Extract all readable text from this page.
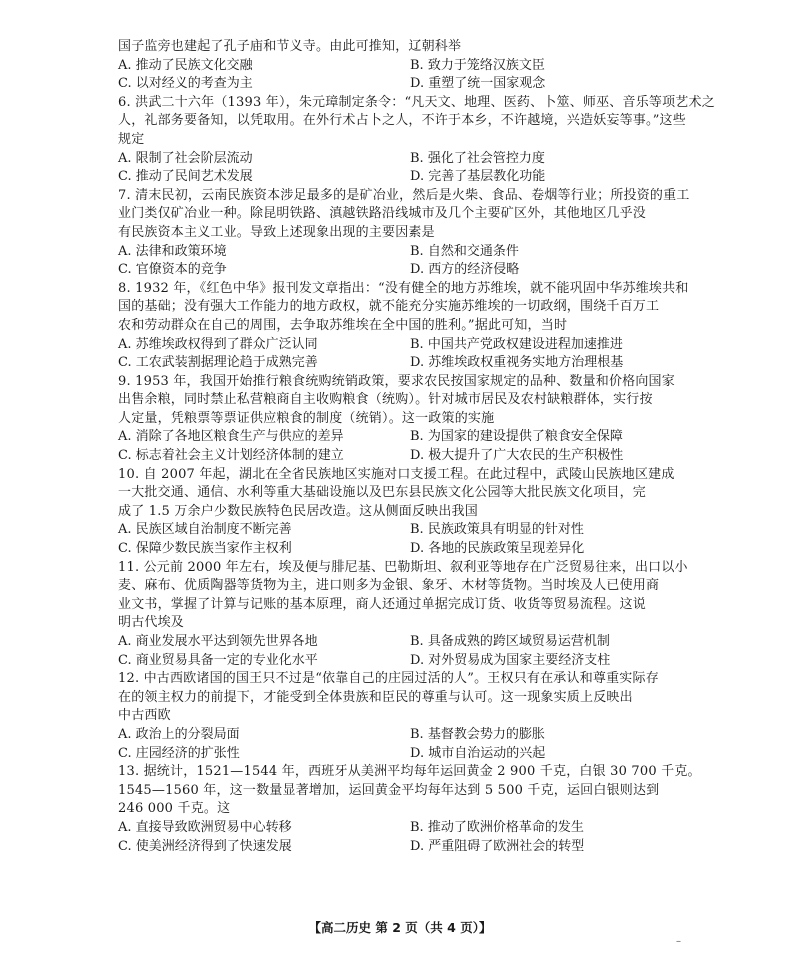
国子监旁也建起了孔子庙和节义寺。由此可推知，辽朝科举
A. 推动了民族文化交融	B. 致力于笼络汉族文臣
C. 以对经义的考查为主	D. 重塑了统一国家观念
6. 洪武二十六年（1393 年），朱元璋制定条令：“凡天文、地理、医药、卜筮、师巫、音乐等项艺术之
人，礼部务要备知，以凭取用。在外行术占卜之人，不许于本乡，不许越境，兴造妖妄等事。”这些
规定
A. 限制了社会阶层流动	B. 强化了社会管控力度
C. 推动了民间艺术发展	D. 完善了基层教化功能
7. 清末民初，云南民族资本涉足最多的是矿冶业，然后是火柴、食品、卷烟等行业；所投资的重工
业门类仅矿冶业一种。除昆明铁路、滇越铁路沿线城市及几个主要矿区外，其他地区几乎没
有民族资本主义工业。导致上述现象出现的主要因素是
A. 法律和政策环境	B. 自然和交通条件
C. 官僚资本的竞争	D. 西方的经济侵略
8. 1932 年，《红色中华》报刊发文章指出：“没有健全的地方苏维埃，就不能巩固中华苏维埃共和
国的基础；没有强大工作能力的地方政权，就不能充分实施苏维埃的一切政纲，围绕千百万工
农和劳动群众在自己的周围，去争取苏维埃在全中国的胜利。”据此可知，当时
A. 苏维埃政权得到了群众广泛认同	B. 中国共产党政权建设进程加速推进
C. 工农武装割据理论趋于成熟完善	D. 苏维埃政权重视务实地方治理根基
9. 1953 年，我国开始推行粮食统购统销政策，要求农民按国家规定的品种、数量和价格向国家
出售余粮，同时禁止私营粮商自主收购粮食（统购）。针对城市居民及农村缺粮群体，实行按
人定量，凭粮票等票证供应粮食的制度（统销）。这一政策的实施
A. 消除了各地区粮食生产与供应的差异	B. 为国家的建设提供了粮食安全保障
C. 标志着社会主义计划经济体制的建立	D. 极大提升了广大农民的生产积极性
10. 自 2007 年起，湖北在全省民族地区实施对口支援工程。在此过程中，武陵山民族地区建成
一大批交通、通信、水利等重大基础设施以及巴东县民族文化公园等大批民族文化项目，完
成了 1.5 万余户少数民族特色民居改造。这从侧面反映出我国
A. 民族区域自治制度不断完善	B. 民族政策具有明显的针对性
C. 保障少数民族当家作主权利	D. 各地的民族政策呈现差异化
11. 公元前 2000 年左右，埃及便与腓尼基、巴勒斯坦、叙利亚等地存在广泛贸易往来，出口以小
麦、麻布、优质陶器等货物为主，进口则多为金银、象牙、木材等货物。当时埃及人已使用商
业文书，掌握了计算与记账的基本原理，商人还通过单据完成订货、收货等贸易流程。这说
明古代埃及
A. 商业发展水平达到领先世界各地	B. 具备成熟的跨区域贸易运营机制
C. 商业贸易具备一定的专业化水平	D. 对外贸易成为国家主要经济支柱
12. 中古西欧诸国的国王只不过是“依靠自己的庄园过活的人”。王权只有在承认和尊重实际存
在的领主权力的前提下，才能受到全体贵族和臣民的尊重与认可。这一现象实质上反映出
中古西欧
A. 政治上的分裂局面	B. 基督教会势力的膨胀
C. 庄园经济的扩张性	D. 城市自治运动的兴起
13. 据统计，1521—1544 年，西班牙从美洲平均每年运回黄金 2 900 千克，白银 30 700 千克。
1545—1560 年，这一数量显著增加，运回黄金平均每年达到 5 500 千克，运回白银则达到
246 000 千克。这
A. 直接导致欧洲贸易中心转移	B. 推动了欧洲价格革命的发生
C. 使美洲经济得到了快速发展	D. 严重阻碍了欧洲社会的转型
【高二历史 第 2 页（共 4 页）】
–
